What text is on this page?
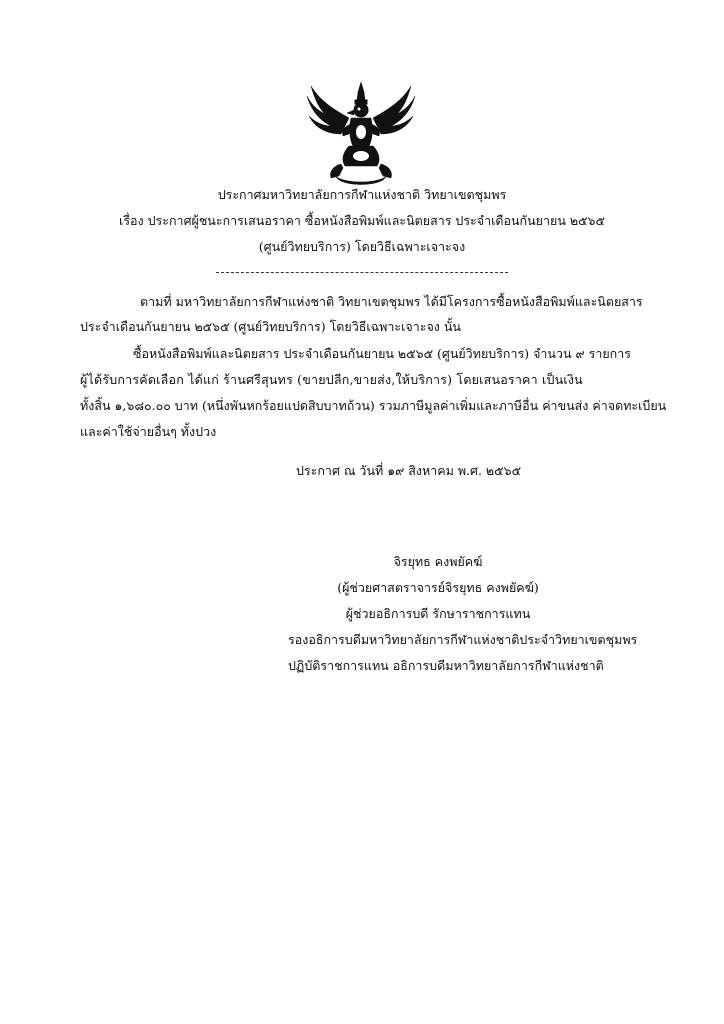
ประกาศมหาวิทยาลัยการกีฬาแห่งชาติ วิทยาเขตชุมพร
เรื่อง ประกาศผู้ชนะการเสนอราคา ซื้อหนังสือพิมพ์และนิตยสาร ประจำเดือนกันยายน ๒๕๖๕
(ศูนย์วิทยบริการ) โดยวิธีเฉพาะเจาะจง
ตามที่ มหาวิทยาลัยการกีฬาแห่งชาติ วิทยาเขตชุมพร ได้มีโครงการซื้อหนังสือพิมพ์และนิตยสาร
ประจำเดือนกันยายน ๒๕๖๕ (ศูนย์วิทยบริการ) โดยวิธีเฉพาะเจาะจง นั้น
ซื้อหนังสือพิมพ์และนิตยสาร ประจำเดือนกันยายน ๒๕๖๕ (ศูนย์วิทยบริการ) จำนวน ๙ รายการ
ผู้ได้รับการคัดเลือก ได้แก่ ร้านศรีสุนทร (ขายปลีก,ขายส่ง,ให้บริการ) โดยเสนอราคา เป็นเงิน
ทั้งสิ้น ๑,๖๘๐.๐๐ บาท (หนึ่งพันหกร้อยแปดสิบบาทถ้วน) รวมภาษีมูลค่าเพิ่มและภาษีอื่น ค่าขนส่ง ค่าจดทะเบียน
และค่าใช้จ่ายอื่นๆ ทั้งปวง
ประกาศ ณ วันที่ ๑๙ สิงหาคม พ.ศ. ๒๕๖๕
จิรยุทธ คงพยัคฆ์
(ผู้ช่วยศาสตราจารย์จิรยุทธ คงพยัคฆ์)
ผู้ช่วยอธิการบดี รักษาราชการแทน
รองอธิการบดีมหาวิทยาลัยการกีฬาแห่งชาติประจำวิทยาเขตชุมพร
ปฏิบัติราชการแทน อธิการบดีมหาวิทยาลัยการกีฬาแห่งชาติ
